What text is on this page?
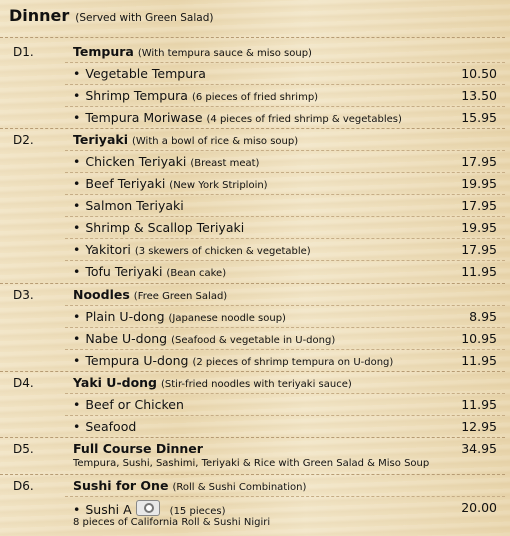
Dinner (Served with Green Salad)
D1.	Tempura (With tempura sauce & miso soup)
• Vegetable Tempura	10.50
• Shrimp Tempura (6 pieces of fried shrimp)	13.50
• Tempura Moriwase (4 pieces of fried shrimp & vegetables)	15.95
D2.	Teriyaki (With a bowl of rice & miso soup)
• Chicken Teriyaki (Breast meat)	17.95
• Beef Teriyaki (New York Striploin)	19.95
• Salmon Teriyaki	17.95
• Shrimp & Scallop Teriyaki	19.95
• Yakitori (3 skewers of chicken & vegetable)	17.95
• Tofu Teriyaki (Bean cake)	11.95
D3.	Noodles (Free Green Salad)
• Plain U-dong (Japanese noodle soup)	8.95
• Nabe U-dong (Seafood & vegetable in U-dong)	10.95
• Tempura U-dong (2 pieces of shrimp tempura on U-dong)	11.95
D4.	Yaki U-dong (Stir-fried noodles with teriyaki sauce)
• Beef or Chicken	11.95
• Seafood	12.95
D5.	Full Course Dinner	34.95
Tempura, Sushi, Sashimi, Teriyaki & Rice with Green Salad & Miso Soup
D6.	Sushi for One (Roll & Sushi Combination)
• Sushi A	(15 pieces)	20.00
8 pieces of California Roll & Sushi Nigiri
